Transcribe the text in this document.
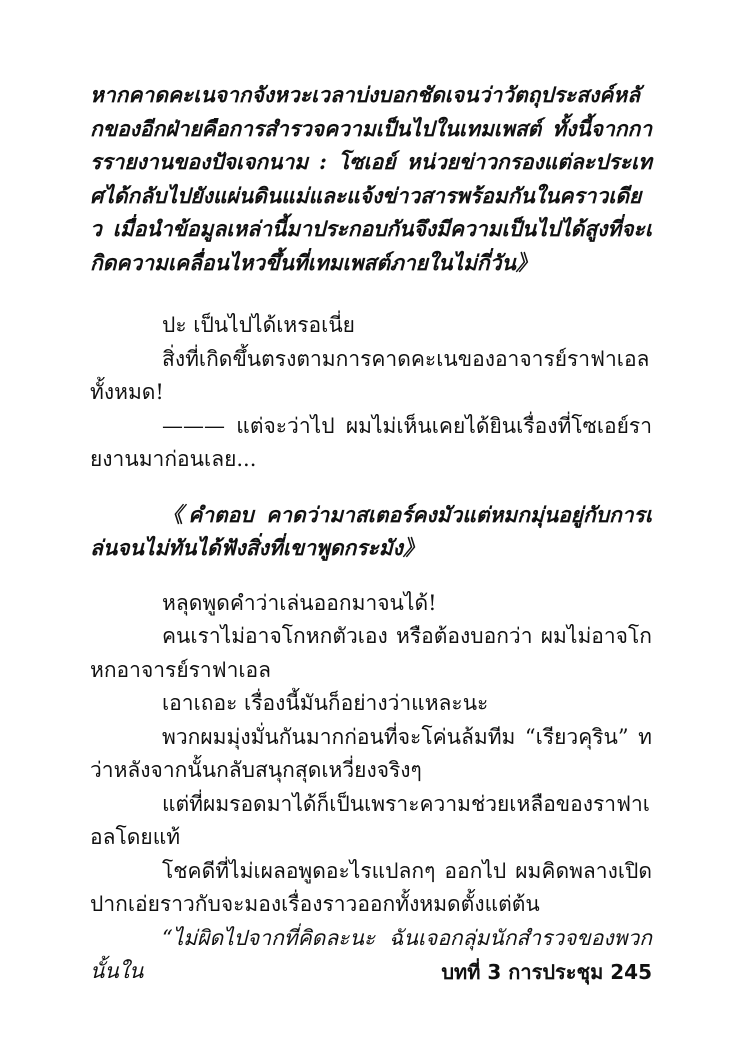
หากคาดคะเนจากจังหวะเวลาบ่งบอกชัดเจนว่าวัตถุประสงค์หลักของอีกฝ่ายคือการสำรวจความเป็นไปในเทมเพสต์ ทั้งนี้จากการรายงานของปัจเจกนาม : โซเอย์ หน่วยข่าวกรองแต่ละประเทศได้กลับไปยังแผ่นดินแม่และแจ้งข่าวสารพร้อมกันในคราวเดียว เมื่อนำข้อมูลเหล่านี้มาประกอบกันจึงมีความเป็นไปได้สูงที่จะเกิดความเคลื่อนไหวขึ้นที่เทมเพสต์ภายในไม่กี่วัน》

ปะ เป็นไปได้เหรอเนี่ย

สิ่งที่เกิดขึ้นตรงตามการคาดคะเนของอาจารย์ราฟาเอลทั้งหมด!

——— แต่จะว่าไป ผมไม่เห็นเคยได้ยินเรื่องที่โซเอย์รายงานมาก่อนเลย...

《คำตอบ คาดว่ามาสเตอร์คงมัวแต่หมกมุ่นอยู่กับการเล่นจนไม่ทันได้ฟังสิ่งที่เขาพูดกระมัง》

หลุดพูดคำว่าเล่นออกมาจนได้!

คนเราไม่อาจโกหกตัวเอง หรือต้องบอกว่า ผมไม่อาจโกหกอาจารย์ราฟาเอล

เอาเถอะ เรื่องนี้มันก็อย่างว่าแหละนะ

พวกผมมุ่งมั่นกันมากก่อนที่จะโค่นล้มทีม “เรียวคุริน” ทว่าหลังจากนั้นกลับสนุกสุดเหวี่ยงจริงๆ

แต่ที่ผมรอดมาได้ก็เป็นเพราะความช่วยเหลือของราฟาเอลโดยแท้

โชคดีที่ไม่เผลอพูดอะไรแปลกๆ ออกไป ผมคิดพลางเปิดปากเอ่ยราวกับจะมองเรื่องราวออกทั้งหมดตั้งแต่ต้น

“ไม่ผิดไปจากที่คิดละนะ ฉันเจอกลุ่มนักสำรวจของพวกนั้นใน	บทที่ 3 การประชุม 245
